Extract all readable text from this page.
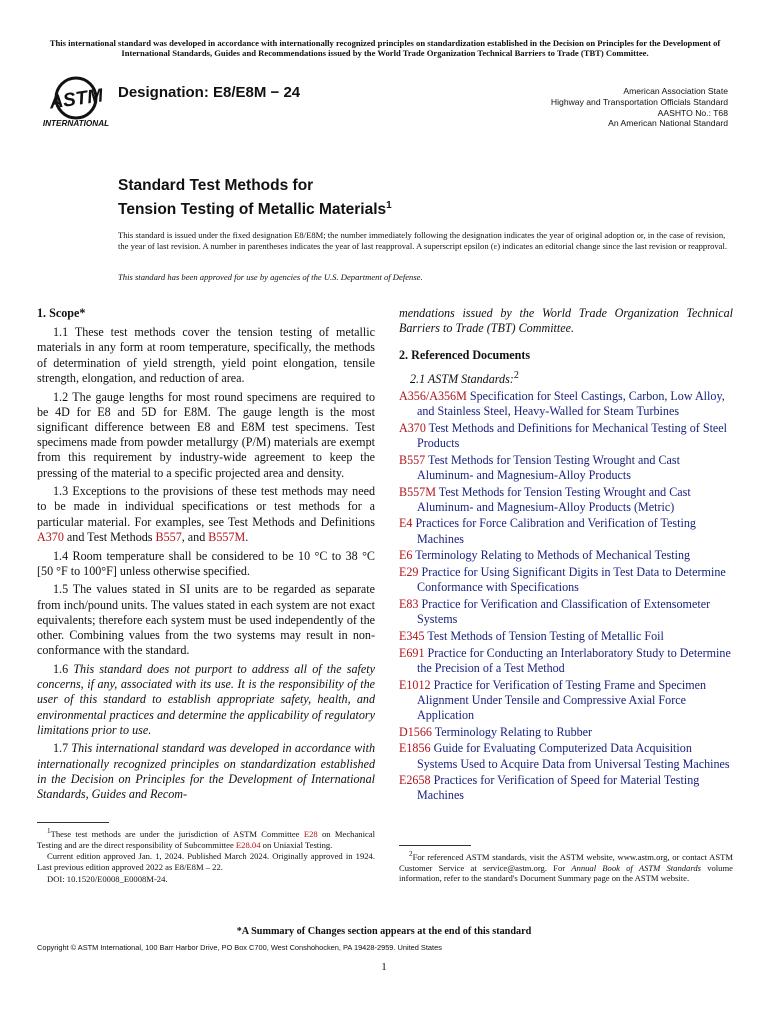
This international standard was developed in accordance with internationally recognized principles on standardization established in the Decision on Principles for the Development of International Standards, Guides and Recommendations issued by the World Trade Organization Technical Barriers to Trade (TBT) Committee.
ASTM
INTERNATIONAL
Designation: E8/E8M − 24	American Association State
Highway and Transportation Officials Standard
AASHTO No.: T68
An American National Standard
Standard Test Methods for
Tension Testing of Metallic Materials$^1$
This standard is issued under the fixed designation E8/E8M; the number immediately following the designation indicates the year of original adoption or, in the case of revision, the year of last revision. A number in parentheses indicates the year of last reapproval. A superscript epsilon (ε) indicates an editorial change since the last revision or reapproval.
This standard has been approved for use by agencies of the U.S. Department of Defense.
1. Scope*

1.1 These test methods cover the tension testing of metallic materials in any form at room temperature, specifically, the methods of determination of yield strength, yield point elongation, tensile strength, elongation, and reduction of area.

1.2 The gauge lengths for most round specimens are required to be 4D for E8 and 5D for E8M. The gauge length is the most significant difference between E8 and E8M test specimens. Test specimens made from powder metallurgy (P/M) materials are exempt from this requirement by industry-wide agreement to keep the pressing of the material to a specific projected area and density.

1.3 Exceptions to the provisions of these test methods may need to be made in individual specifications or test methods for a particular material. For examples, see Test Methods and Definitions A370 and Test Methods B557, and B557M.

1.4 Room temperature shall be considered to be 10 °C to 38 °C [50 °F to 100°F] unless otherwise specified.

1.5 The values stated in SI units are to be regarded as separate from inch/pound units. The values stated in each system are not exact equivalents; therefore each system must be used independently of the other. Combining values from the two systems may result in non-conformance with the standard.

1.6 This standard does not purport to address all of the safety concerns, if any, associated with its use. It is the responsibility of the user of this standard to establish appropriate safety, health, and environmental practices and determine the applicability of regulatory limitations prior to use.

1.7 This international standard was developed in accordance with internationally recognized principles on standardization established in the Decision on Principles for the Development of International Standards, Guides and Recom-

mendations issued by the World Trade Organization Technical Barriers to Trade (TBT) Committee.

2. Referenced Documents

2.1 ASTM Standards:$^2$

A356/A356M Specification for Steel Castings, Carbon, Low Alloy, and Stainless Steel, Heavy-Walled for Steam Turbines
A370 Test Methods and Definitions for Mechanical Testing of Steel Products
B557 Test Methods for Tension Testing Wrought and Cast Aluminum- and Magnesium-Alloy Products
B557M Test Methods for Tension Testing Wrought and Cast Aluminum- and Magnesium-Alloy Products (Metric)
E4 Practices for Force Calibration and Verification of Testing Machines
E6 Terminology Relating to Methods of Mechanical Testing
E29 Practice for Using Significant Digits in Test Data to Determine Conformance with Specifications
E83 Practice for Verification and Classification of Extensometer Systems
E345 Test Methods of Tension Testing of Metallic Foil
E691 Practice for Conducting an Interlaboratory Study to Determine the Precision of a Test Method
E1012 Practice for Verification of Testing Frame and Specimen Alignment Under Tensile and Compressive Axial Force Application
D1566 Terminology Relating to Rubber
E1856 Guide for Evaluating Computerized Data Acquisition Systems Used to Acquire Data from Universal Testing Machines
E2658 Practices for Verification of Speed for Material Testing Machines

$^1$These test methods are under the jurisdiction of ASTM Committee E28 on Mechanical Testing and are the direct responsibility of Subcommittee E28.04 on Uniaxial Testing.

Current edition approved Jan. 1, 2024. Published March 2024. Originally approved in 1924. Last previous edition approved 2022 as E8/E8M – 22.

DOI: 10.1520/E0008_E0008M-24.

$^2$For referenced ASTM standards, visit the ASTM website, www.astm.org, or contact ASTM Customer Service at service@astm.org. For Annual Book of ASTM Standards volume information, refer to the standard's Document Summary page on the ASTM website.

*A Summary of Changes section appears at the end of this standard
Copyright © ASTM International, 100 Barr Harbor Drive, PO Box C700, West Conshohocken, PA 19428-2959. United States
1
